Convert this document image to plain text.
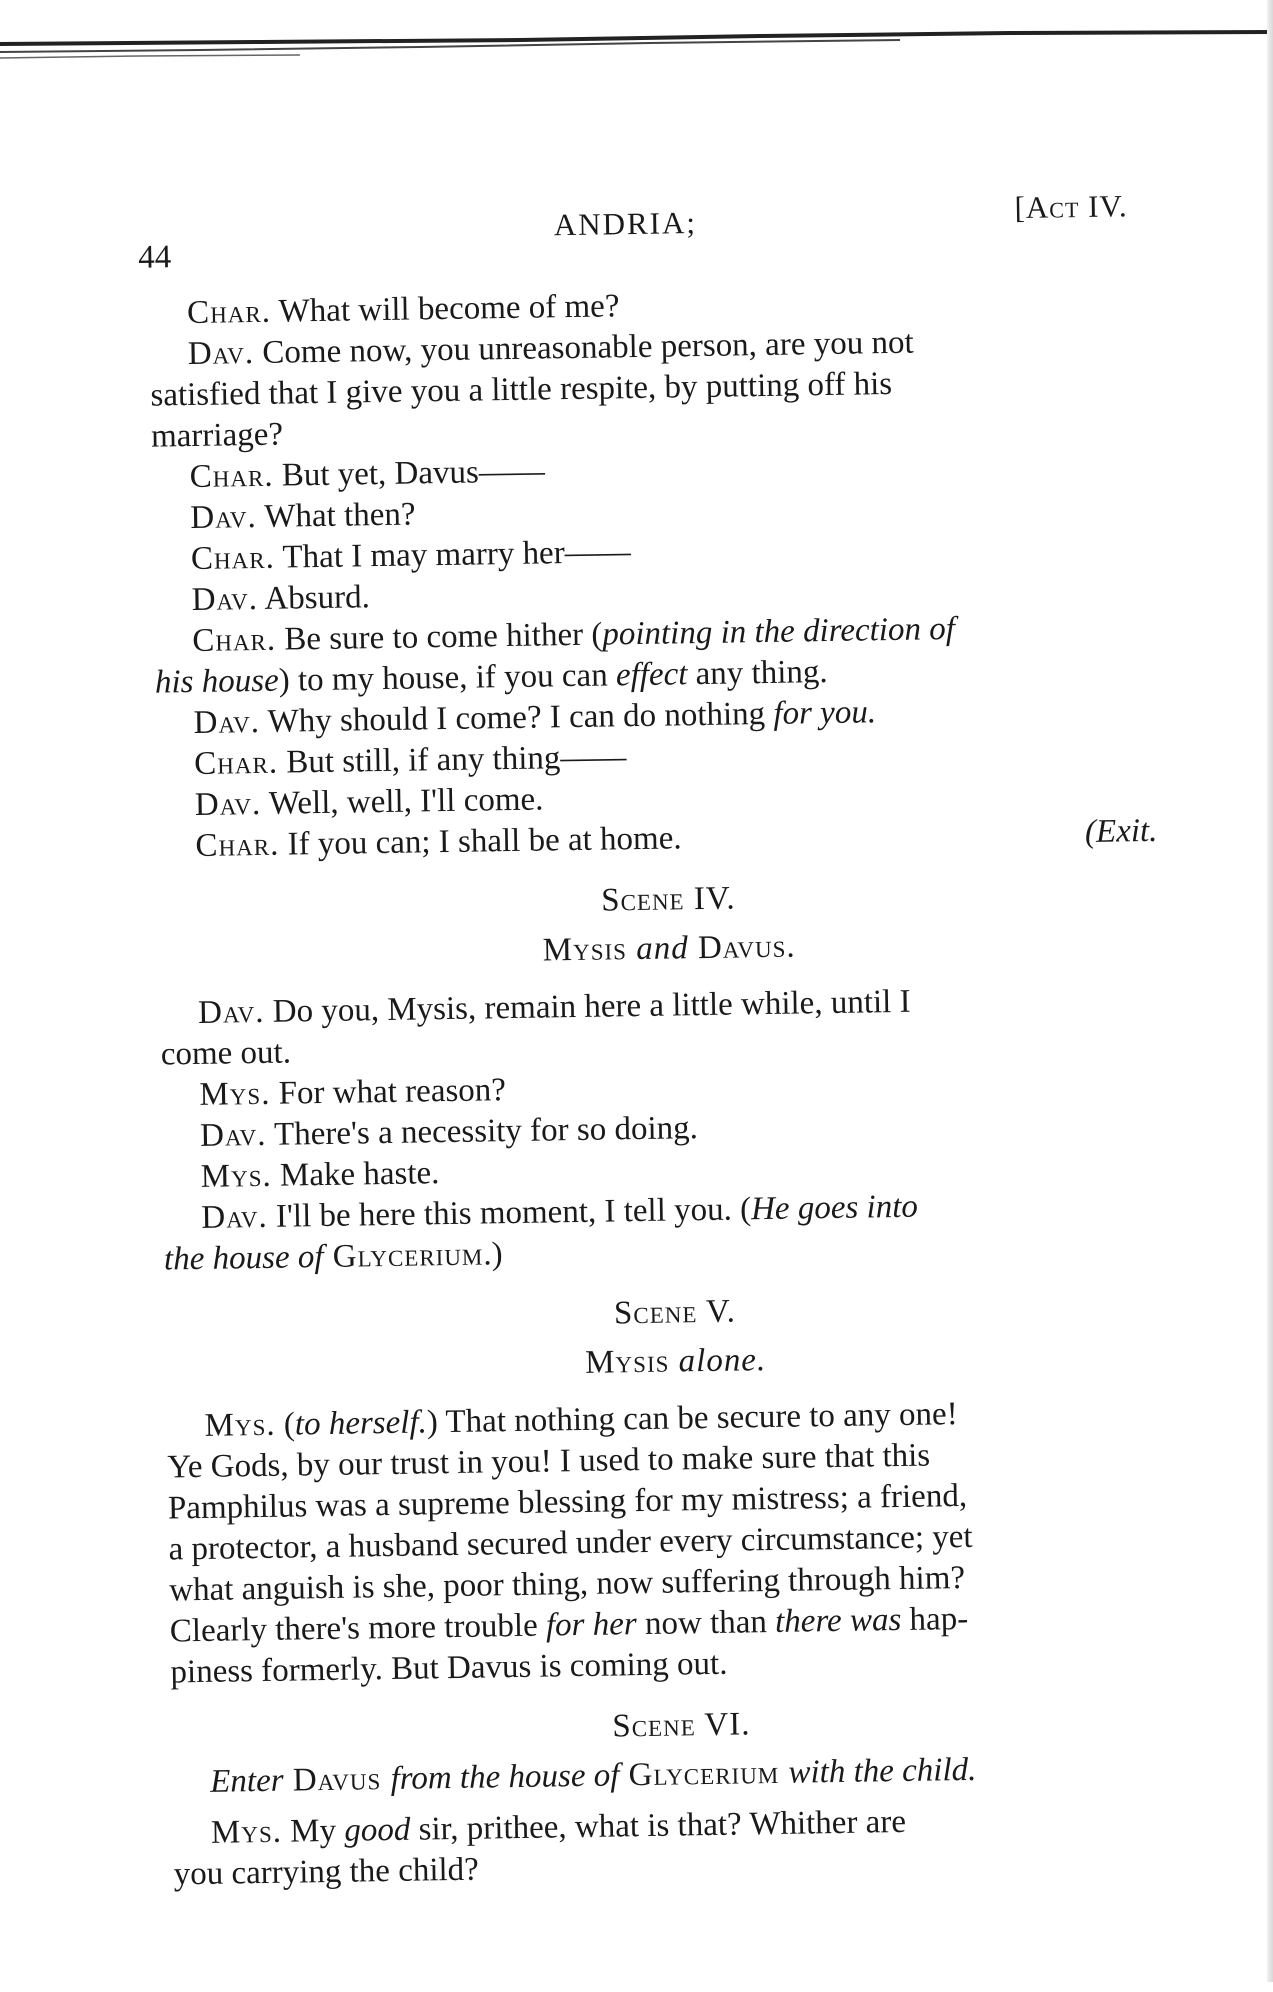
44
ANDRIA;	[Act IV.
Char. What will become of me?
Dav. Come now, you unreasonable person, are you not
satisfied that I give you a little respite, by putting off his
marriage?
Char. But yet, Davus——
Dav. What then?
Char. That I may marry her——
Dav. Absurd.
Char. Be sure to come hither (pointing in the direction of
his house) to my house, if you can effect any thing.
Dav. Why should I come? I can do nothing for you.
Char. But still, if any thing——
Dav. Well, well, I'll come.
Char. If you can; I shall be at home.	(Exit.
Scene IV.
Mysis and Davus.
Dav. Do you, Mysis, remain here a little while, until I
come out.
Mys. For what reason?
Dav. There's a necessity for so doing.
Mys. Make haste.
Dav. I'll be here this moment, I tell you. (He goes into
the house of Glycerium.)
Scene V.
Mysis alone.
Mys. (to herself.) That nothing can be secure to any one!
Ye Gods, by our trust in you! I used to make sure that this
Pamphilus was a supreme blessing for my mistress; a friend,
a protector, a husband secured under every circumstance; yet
what anguish is she, poor thing, now suffering through him?
Clearly there's more trouble for her now than there was hap-
piness formerly. But Davus is coming out.
Scene VI.
Enter Davus from the house of Glycerium with the child.
Mys. My good sir, prithee, what is that? Whither are
you carrying the child?
